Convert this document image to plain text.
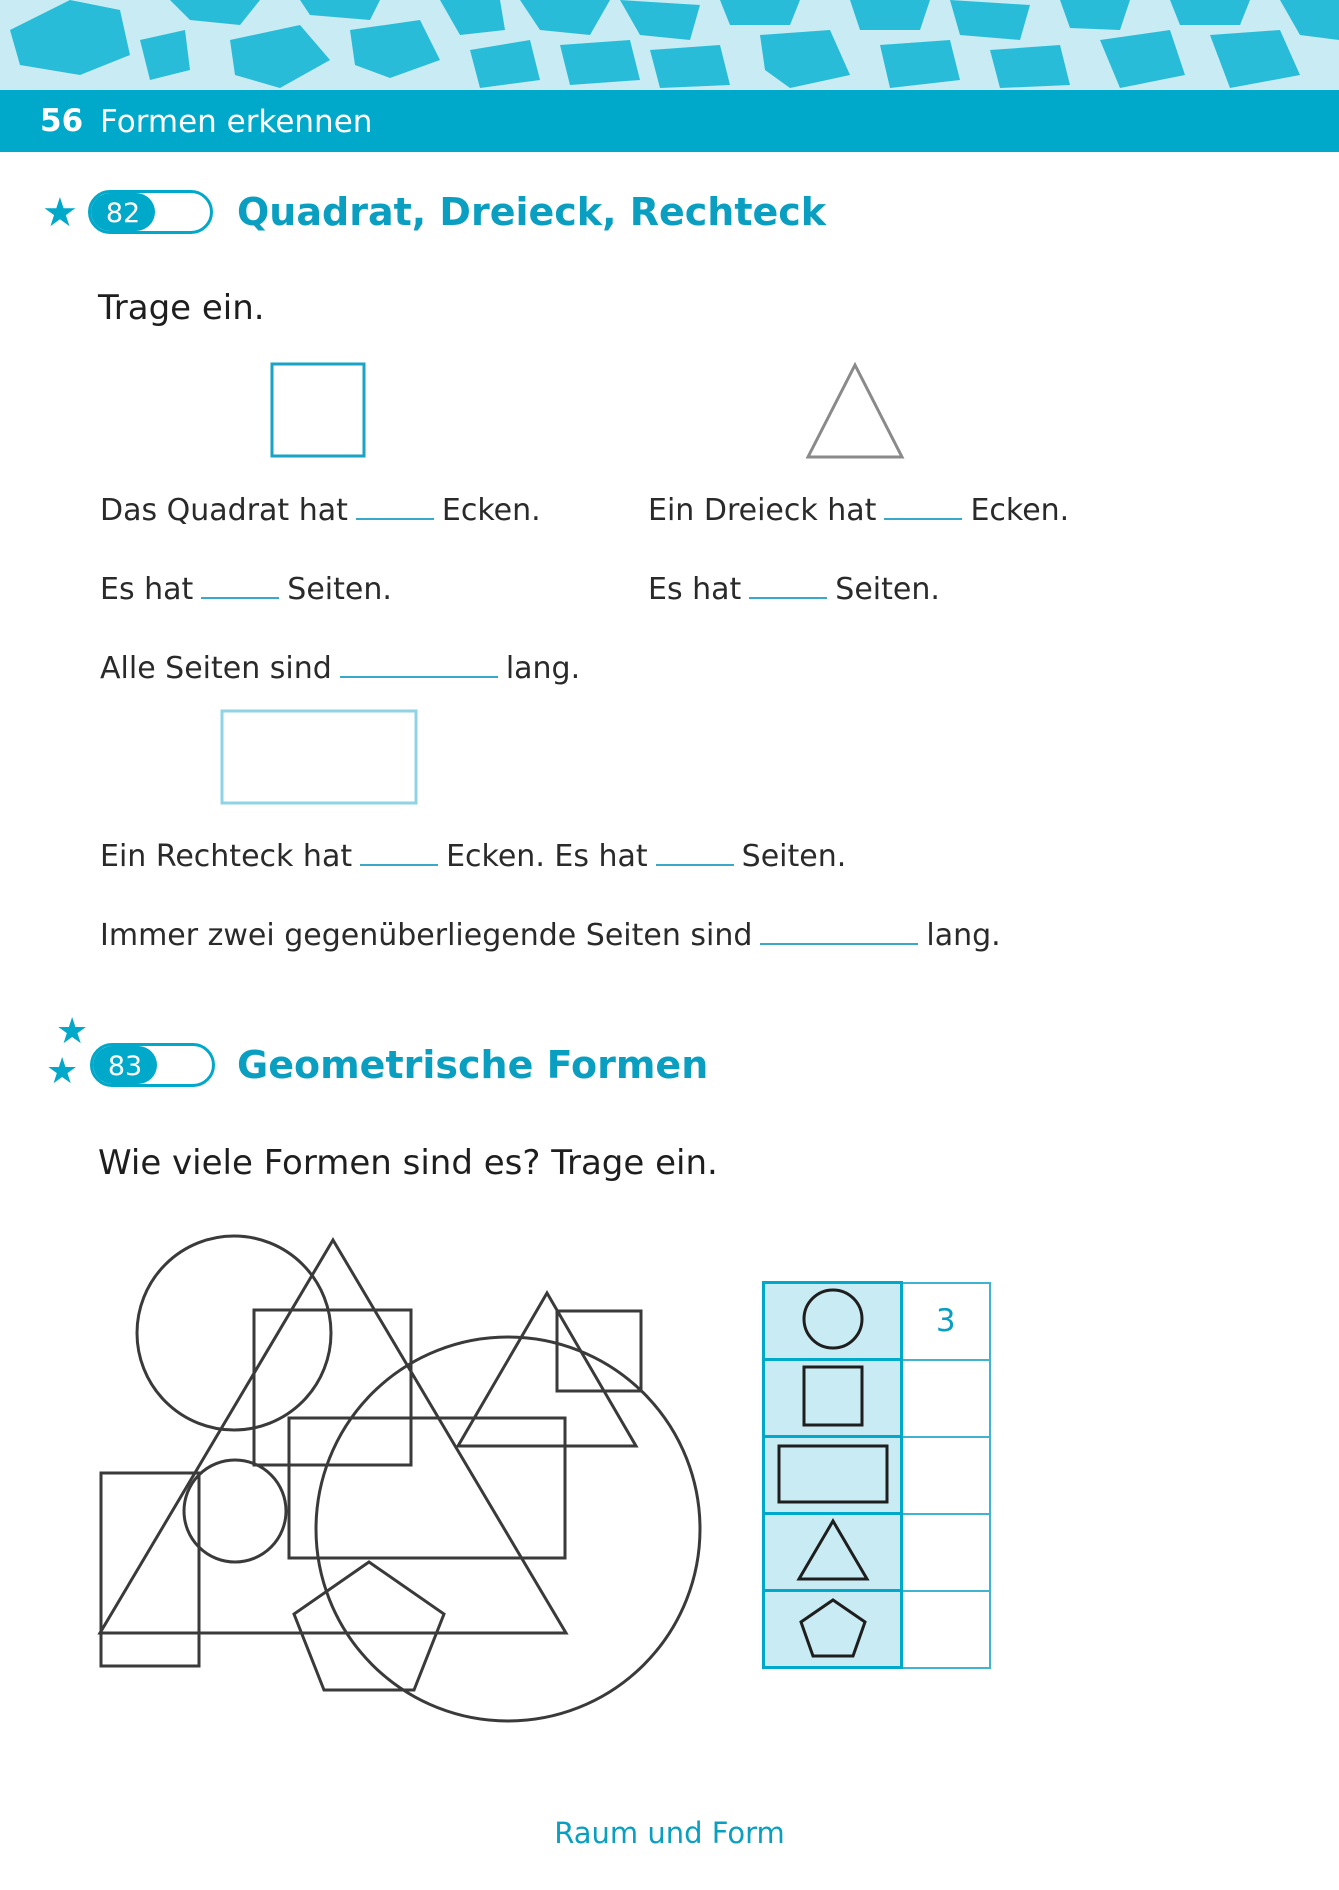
56 Formen erkennen
★	82	Quadrat, Dreieck, Rechteck
Trage ein.
Das Quadrat hat	Ecken.	Ein Dreieck hat	Ecken.
Es hat	Seiten.	Es hat	Seiten.
Alle Seiten sind	lang.
Ein Rechteck hat	Ecken. Es hat	Seiten.
Immer zwei gegenüberliegende Seiten sind	lang.
★
★	83	Geometrische Formen
Wie viele Formen sind es? Trage ein.
	3

Raum und Form
